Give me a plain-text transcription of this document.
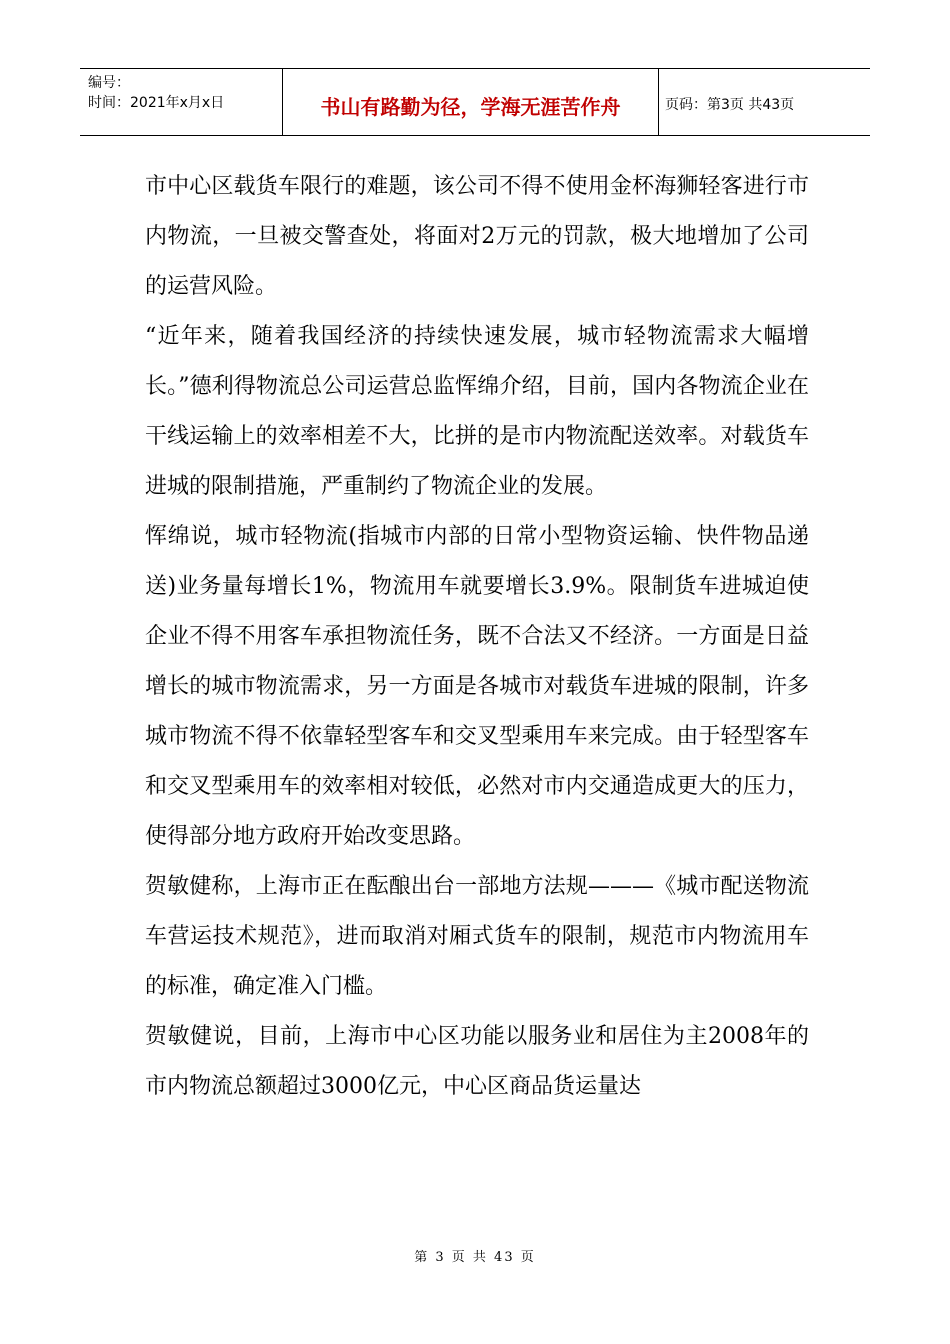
编号：
时间：2021年x月x日	书山有路勤为径，学海无涯苦作舟	页码：第3页 共43页

市中心区载货车限行的难题，该公司不得不使用金杯海狮轻客进行市内物流，一旦被交警查处，将面对2万元的罚款，极大地增加了公司的运营风险。

“近年来，随着我国经济的持续快速发展，城市轻物流需求大幅增长。”德利得物流总公司运营总监恽绵介绍，目前，国内各物流企业在干线运输上的效率相差不大，比拼的是市内物流配送效率。对载货车进城的限制措施，严重制约了物流企业的发展。

恽绵说，城市轻物流(指城市内部的日常小型物资运输、快件物品递送)业务量每增长1%，物流用车就要增长3.9%。限制货车进城迫使企业不得不用客车承担物流任务，既不合法又不经济。一方面是日益增长的城市物流需求，另一方面是各城市对载货车进城的限制，许多城市物流不得不依靠轻型客车和交叉型乘用车来完成。由于轻型客车和交叉型乘用车的效率相对较低，必然对市内交通造成更大的压力，使得部分地方政府开始改变思路。

贺敏健称，上海市正在酝酿出台一部地方法规———《城市配送物流车营运技术规范》，进而取消对厢式货车的限制，规范市内物流用车的标准，确定准入门槛。

贺敏健说，目前，上海市中心区功能以服务业和居住为主2008年的市内物流总额超过3000亿元，中心区商品货运量达

第 3 页 共 43 页
